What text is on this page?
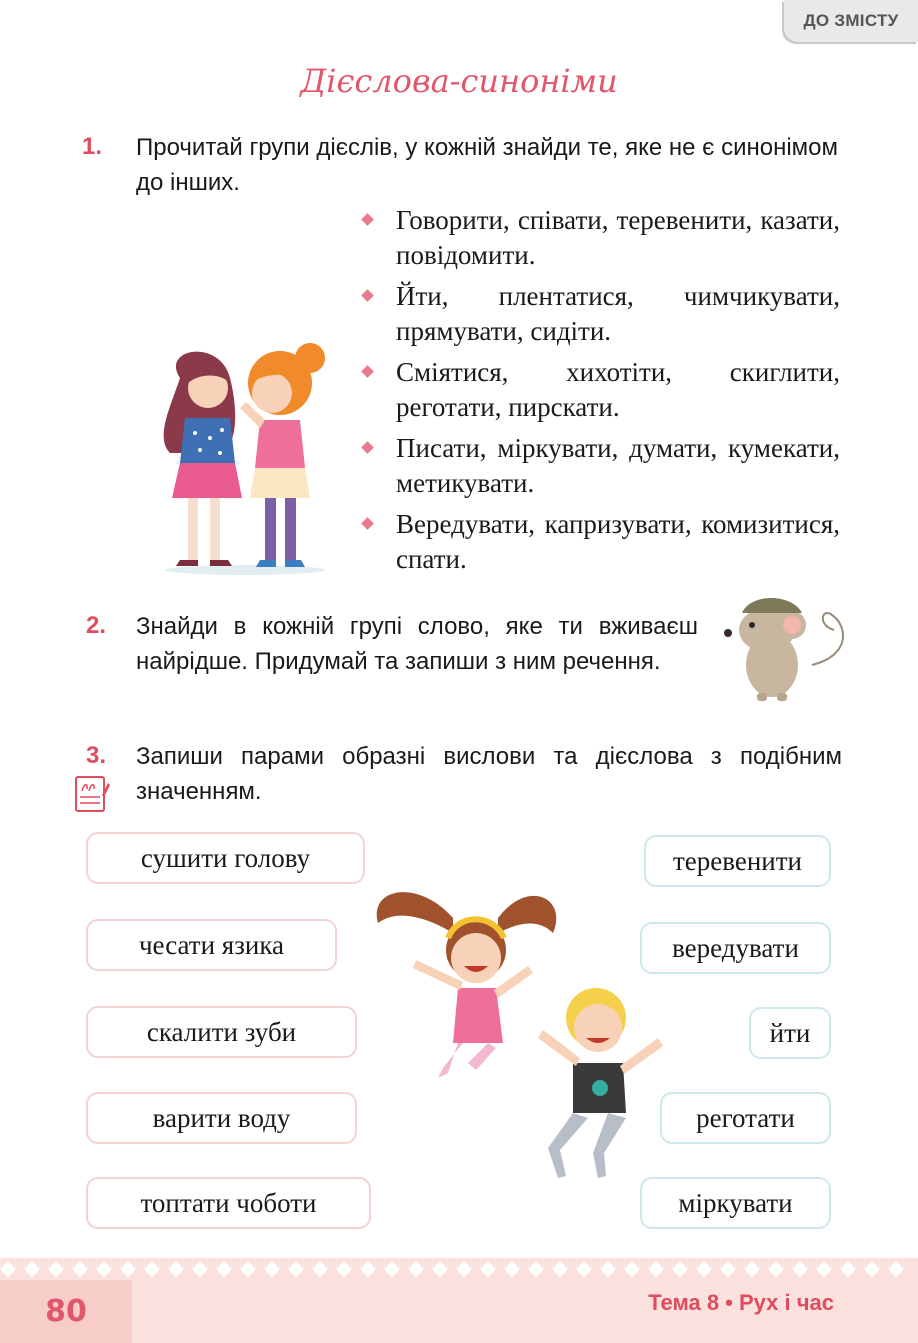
ДО ЗМІСТУ
Дієслова-синоніми
1. Прочитай групи дієслів, у кожній знайди те, яке не є синонімом до інших.
Говорити, співати, теревенити, казати, повідомити.
Йти, плентатися, чимчикувати, прямувати, сидіти.
Сміятися, хихотіти, скиглити, реготати, пирскати.
Писати, міркувати, думати, кумекати, метикувати.
Вередувати, капризувати, комизитися, спати.
2. Знайди в кожній групі слово, яке ти вживаєш найрідше. Придумай та запиши з ним речення.
3. Запиши парами образні вислови та дієслова з подібним значенням.
сушити голову
чесати язика
скалити зуби
варити воду
топтати чоботи
теревенити
вередувати
йти
реготати
міркувати
80	Тема 8 • Рух і час
